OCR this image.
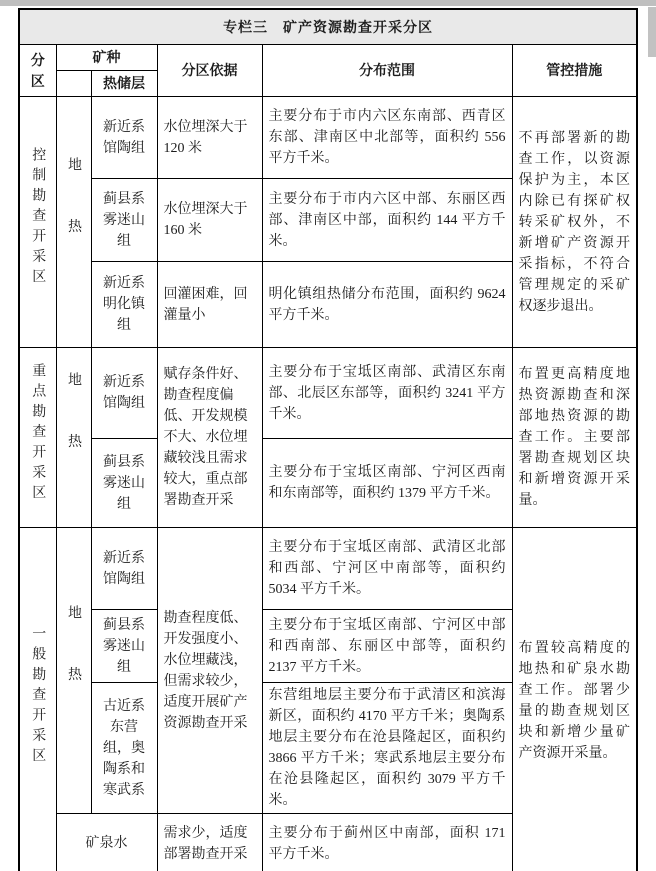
专栏三　矿产资源勘查开采分区					
分区	矿种		分区依据	分布范围	管控措施
		热储层			
控制勘查开采区	地热	新近系馆陶组	水位埋深大于 120 米	主要分布于市内六区东南部、西青区东部、津南区中北部等，面积约 556 平方千米。	不再部署新的勘查工作，以资源保护为主，本区内除已有探矿权转采矿权外，不新增矿产资源开采指标，不符合管理规定的采矿权逐步退出。
		蓟县系雾迷山组	水位埋深大于 160 米	主要分布于市内六区中部、东丽区西部、津南区中部，面积约 144 平方千米。	
		新近系明化镇组	回灌困难，回灌量小	明化镇组热储分布范围，面积约 9624 平方千米。	
重点勘查开采区	地热	新近系馆陶组	赋存条件好、勘查程度偏低、开发规模不大、水位埋藏较浅且需求较大，重点部署勘查开采	主要分布于宝坻区南部、武清区东南部、北辰区东部等，面积约 3241 平方千米。	布置更高精度地热资源勘查和深部地热资源的勘查工作。主要部署勘查规划区块和新增资源开采量。
		蓟县系雾迷山组		主要分布于宝坻区南部、宁河区西南和东南部等，面积约 1379 平方千米。	
一般勘查开采区	地热	新近系馆陶组	勘查程度低、开发强度小、水位埋藏浅，但需求较少，适度开展矿产资源勘查开采	主要分布于宝坻区南部、武清区北部和西部、宁河区中南部等，面积约 5034 平方千米。	布置较高精度的地热和矿泉水勘查工作。部署少量的勘查规划区块和新增少量矿产资源开采量。
		蓟县系雾迷山组		主要分布于宝坻区南部、宁河区中部和西南部、东丽区中部等，面积约 2137 平方千米。	
		古近系东营组，奥陶系和寒武系		东营组地层主要分布于武清区和滨海新区，面积约 4170 平方千米；奥陶系地层主要分布在沧县隆起区，面积约 3866 平方千米；寒武系地层主要分布在沧县隆起区，面积约 3079 平方千米。	
	矿泉水		需求少，适度部署勘查开采	主要分布于蓟州区中南部，面积 171 平方千米。	
